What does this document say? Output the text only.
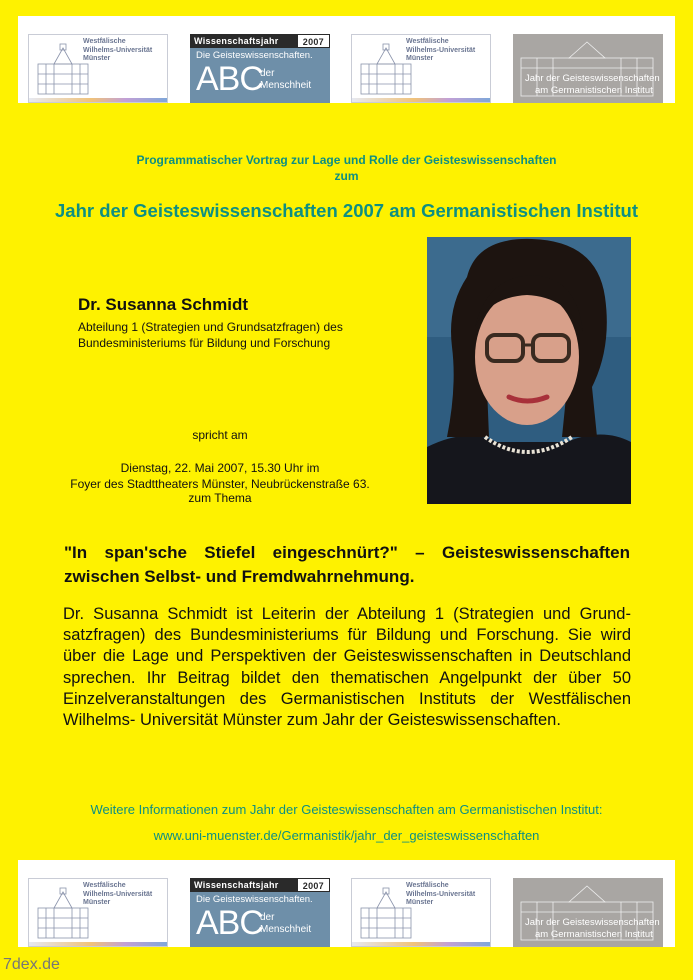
Westfälische
Wilhelms-Universität
Münster
Wissenschaftsjahr	2007
Die Geisteswissenschaften.
ABC
der
Menschheit
Westfälische
Wilhelms-Universität
Münster
Jahr der Geisteswissenschaften
am Germanistischen Institut
Programmatischer Vortrag zur Lage und Rolle der Geisteswissenschaften
zum
Jahr der Geisteswissenschaften 2007 am Germanistischen Institut
Dr. Susanna Schmidt
Abteilung 1 (Strategien und Grundsatzfragen) des Bundesministeriums für Bildung und Forschung
spricht am
Dienstag, 22. Mai 2007, 15.30 Uhr im
Foyer des Stadttheaters Münster, Neubrückenstraße 63.
zum Thema
"In span'sche Stiefel eingeschnürt?" – Geisteswissenschaften zwischen Selbst- und Fremdwahrnehmung.
Dr. Susanna Schmidt ist Leiterin der Abteilung 1 (Strategien und Grundsatzfragen) des Bundesministeriums für Bildung und Forschung. Sie wird über die Lage und Perspektiven der Geisteswissenschaften in Deutschland sprechen. Ihr Beitrag bildet den thematischen Angelpunkt der über 50 Einzelveranstaltungen des Germanistischen Instituts der Westfälischen Wilhelms- Universität Münster zum Jahr der Geisteswissenschaften.
Weitere Informationen zum Jahr der Geisteswissenschaften am Germanistischen Institut:
www.uni-muenster.de/Germanistik/jahr_der_geisteswissenschaften
Westfälische
Wilhelms-Universität
Münster
Wissenschaftsjahr	2007
Die Geisteswissenschaften.
ABC
der
Menschheit
Westfälische
Wilhelms-Universität
Münster
Jahr der Geisteswissenschaften
am Germanistischen Institut
7dex.de
